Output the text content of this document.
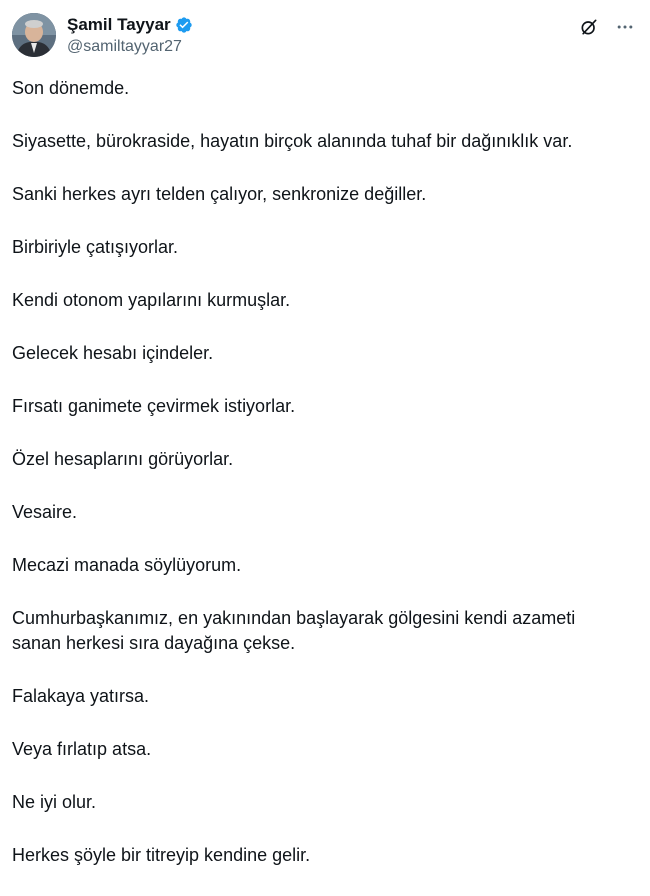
Şamil Tayyar
@samiltayyar27

Son dönemde.

Siyasette, bürokraside, hayatın birçok alanında tuhaf bir dağınıklık var.

Sanki herkes ayrı telden çalıyor, senkronize değiller.

Birbiriyle çatışıyorlar.

Kendi otonom yapılarını kurmuşlar.

Gelecek hesabı içindeler.

Fırsatı ganimete çevirmek istiyorlar.

Özel hesaplarını görüyorlar.

Vesaire.

Mecazi manada söylüyorum.

Cumhurbaşkanımız, en yakınından başlayarak gölgesini kendi azameti
sanan herkesi sıra dayağına çekse.

Falakaya yatırsa.

Veya fırlatıp atsa.

Ne iyi olur.

Herkes şöyle bir titreyip kendine gelir.
